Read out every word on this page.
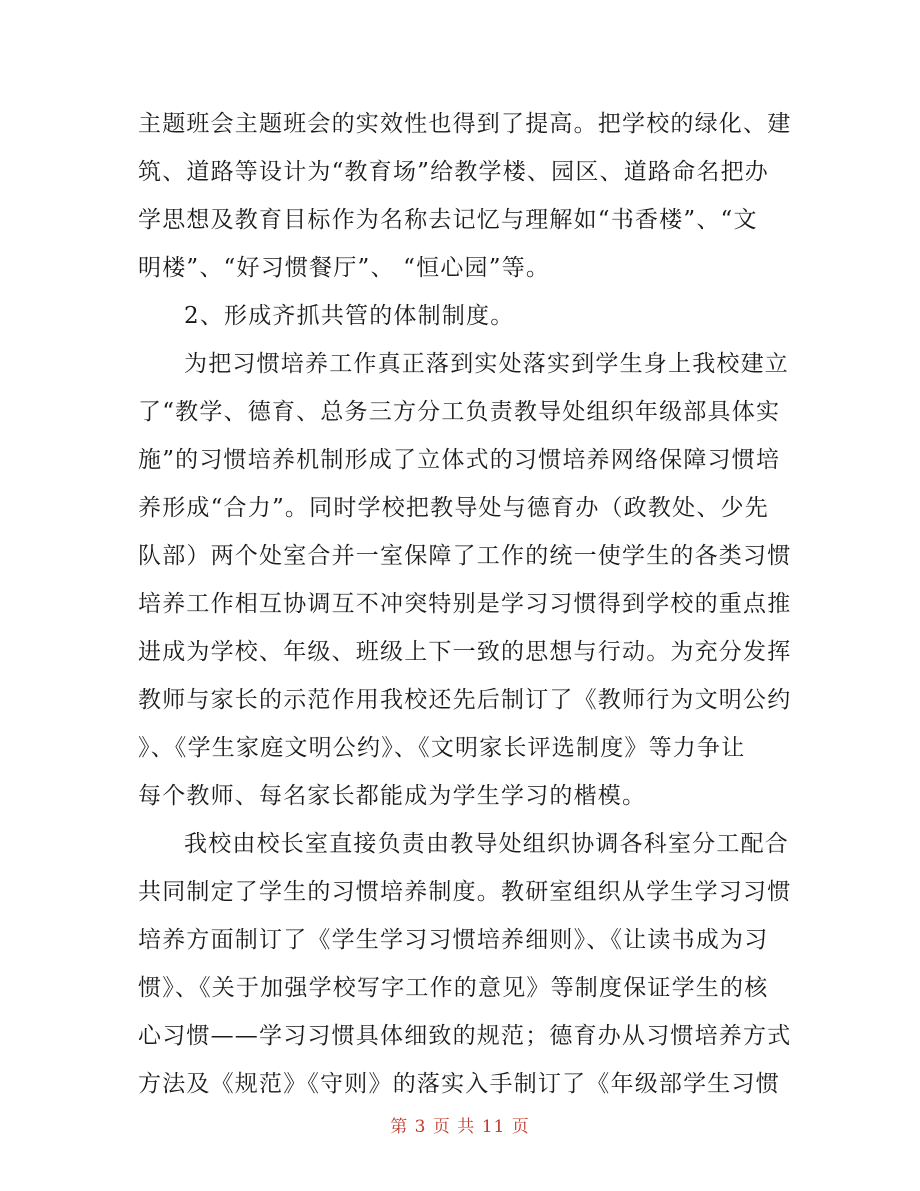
主题班会主题班会的实效性也得到了提高。把学校的绿化、建
筑、道路等设计为“教育场”给教学楼、园区、道路命名把办
学思想及教育目标作为名称去记忆与理解如“书香楼”、“文
明楼”、“好习惯餐厅”、 “恒心园”等。
2、形成齐抓共管的体制制度。
为把习惯培养工作真正落到实处落实到学生身上我校建立
了“教学、德育、总务三方分工负责教导处组织年级部具体实
施”的习惯培养机制形成了立体式的习惯培养网络保障习惯培
养形成“合力”。同时学校把教导处与德育办（政教处、少先
队部）两个处室合并一室保障了工作的统一使学生的各类习惯
培养工作相互协调互不冲突特别是学习习惯得到学校的重点推
进成为学校、年级、班级上下一致的思想与行动。为充分发挥
教师与家长的示范作用我校还先后制订了《教师行为文明公约
》、《学生家庭文明公约》、《文明家长评选制度》等力争让
每个教师、每名家长都能成为学生学习的楷模。
我校由校长室直接负责由教导处组织协调各科室分工配合
共同制定了学生的习惯培养制度。教研室组织从学生学习习惯
培养方面制订了《学生学习习惯培养细则》、《让读书成为习
惯》、《关于加强学校写字工作的意见》等制度保证学生的核
心习惯——学习习惯具体细致的规范；德育办从习惯培养方式
方法及《规范》《守则》的落实入手制订了《年级部学生习惯
第 3 页 共 11 页
